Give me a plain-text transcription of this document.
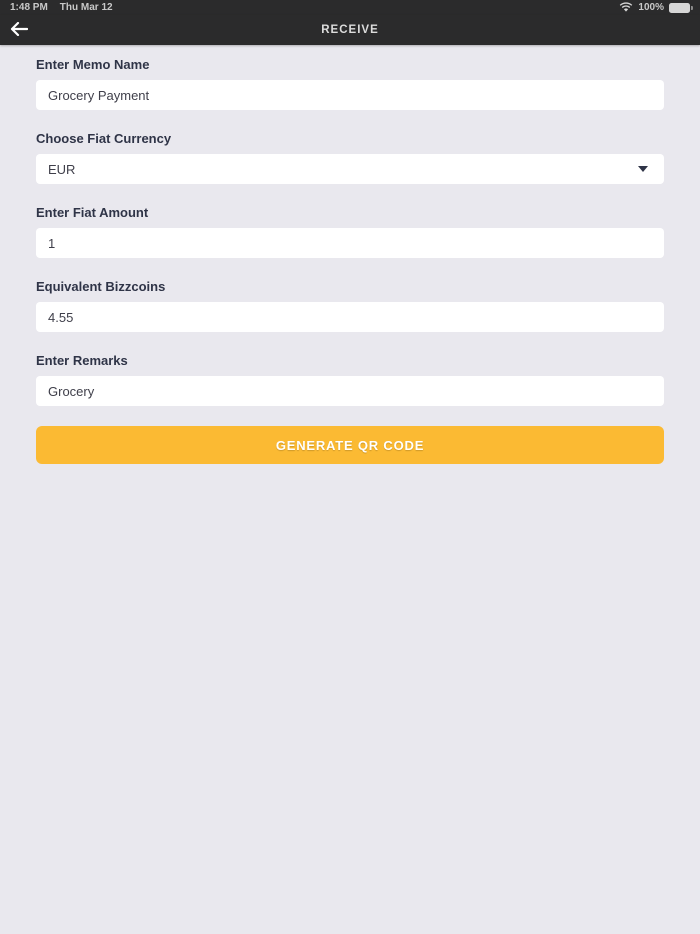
1:48 PM Thu Mar 12	100%
RECEIVE
Enter Memo Name
Grocery Payment
Choose Fiat Currency
EUR
Enter Fiat Amount
1
Equivalent Bizzcoins
4.55
Enter Remarks
Grocery
GENERATE QR CODE
